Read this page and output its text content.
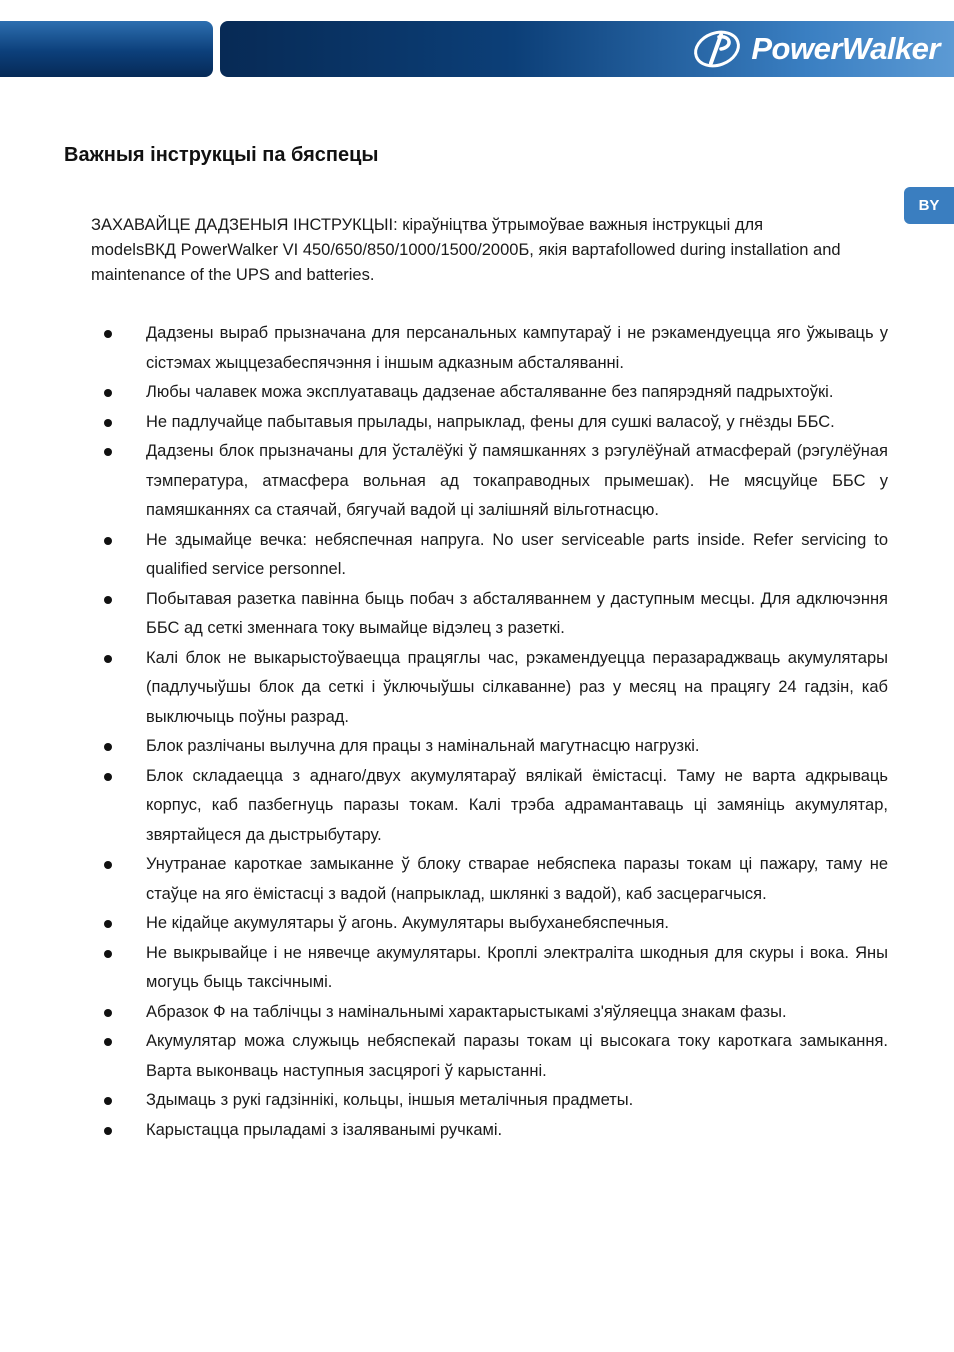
PowerWalker
Важныя інструкцыі па бяспецы
BY

ЗАХАВАЙЦЕ ДАДЗЕНЫЯ ІНСТРУКЦЫІ: кіраўніцтва ўтрымоўвае важныя інструкцыі для modelsВКД PowerWalker VI 450/650/850/1000/1500/2000Б, якія вартаfollowed during installation and maintenance of the UPS and batteries.

Дадзены выраб прызначана для персанальных кампутараў і не рэкамендуецца яго ўжываць у сістэмах жыццезабеспячэння і іншым адказным абсталяванні.
Любы чалавек можа эксплуатаваць дадзенае абсталяванне без папярэдняй падрыхтоўкі.
Не падлучайце пабытавыя прылады, напрыклад, фены для сушкі валасоў, у гнёзды ББС.
Дадзены блок прызначаны для ўсталёўкі ў памяшканнях з рэгулёўнай атмасферай (рэгулёўная тэмпература, атмасфера вольная ад токаправодных прымешак). Не мясцуйце ББС у памяшканнях са стаячай, бягучай вадой ці залішняй вільготнасцю.
Не здымайце вечка: небяспечная напруга. No user serviceable parts inside. Refer servicing to qualified service personnel.
Побытавая разетка павінна быць побач з абсталяваннем у даступным месцы. Для адключэння ББС ад сеткі зменнага току вымайце відэлец з разеткі.
Калі блок не выкарыстоўваецца працяглы час, рэкамендуецца перазараджваць акумулятары (падлучыўшы блок да сеткі і ўключыўшы сілкаванне) раз у месяц на працягу 24 гадзін, каб выключыць поўны разрад.
Блок разлічаны вылучна для працы з намінальнай магутнасцю нагрузкі.
Блок складаецца з аднаго/двух акумулятараў вялікай ёмістасці. Таму не варта адкрываць корпус, каб пазбегнуць паразы токам. Калі трэба адрамантаваць ці замяніць акумулятар, звяртайцеся да дыстрыбутару.
Унутранае кароткае замыканне ў блоку стварае небяспека паразы токам ці пажару, таму не стаўце на яго ёмістасці з вадой (напрыклад, шклянкі з вадой), каб засцерагчыся.
Не кідайце акумулятары ў агонь. Акумулятары выбуханебяспечныя.
Не выкрывайце і не нявечце акумулятары. Кроплі электраліта шкодныя для скуры і вока. Яны могуць быць таксічнымі.
Абразок Ф на таблічцы з намінальнымі характарыстыкамі з'яўляецца знакам фазы.
Акумулятар можа служыць небяспекай паразы токам ці высокага току кароткага замыкання. Варта выконваць наступныя засцярогі ў карыстанні.
Здымаць з рукі гадзіннікі, кольцы, іншыя металічныя прадметы.
Карыстацца прыладамі з ізаляванымі ручкамі.
